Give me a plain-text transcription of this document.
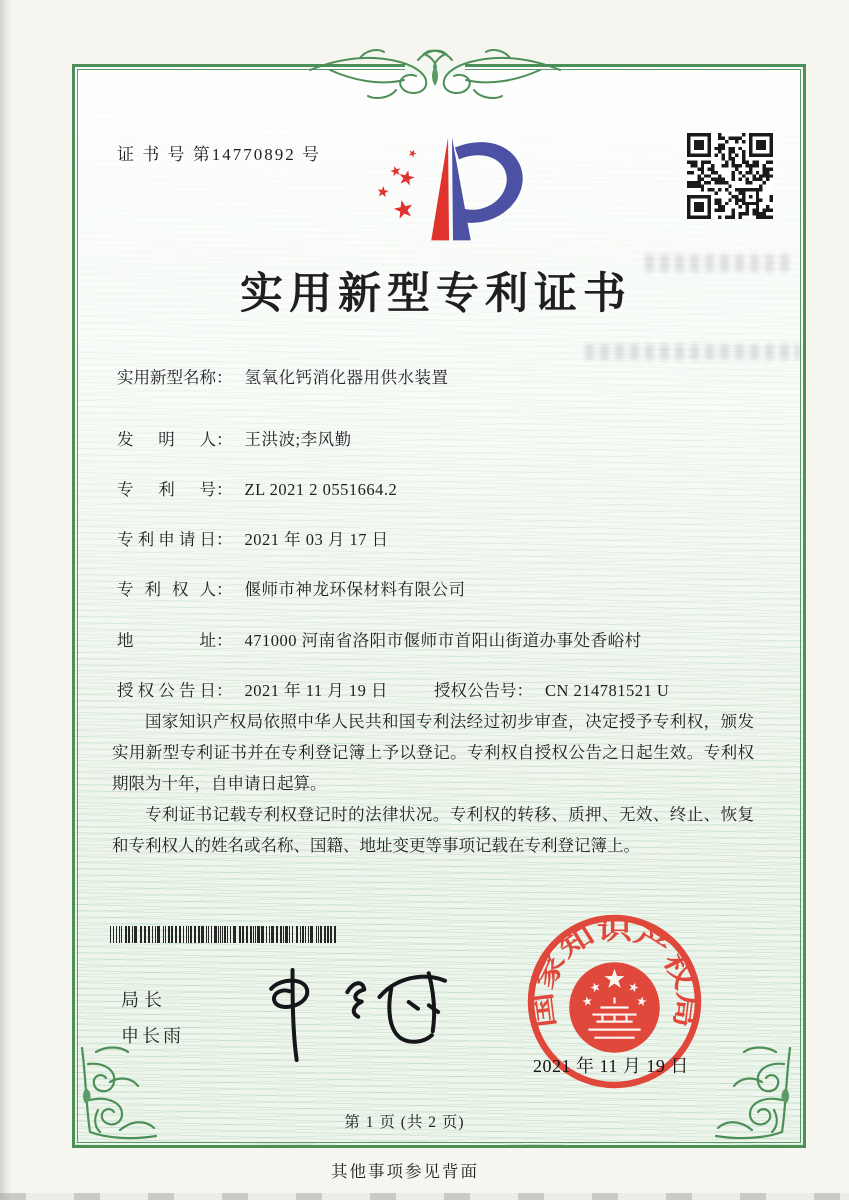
证 书 号 第14770892 号
实用新型专利证书
实用新型名称： 氢氧化钙消化器用供水装置
发明人： 王洪波;李风勤
专利号： ZL 2021 2 0551664.2
专利申请日： 2021 年 03 月 17 日
专利权人： 偃师市神龙环保材料有限公司
地址： 471000 河南省洛阳市偃师市首阳山街道办事处香峪村
授权公告日： 2021 年 11 月 19 日	授权公告号： CN 214781521 U

国家知识产权局依照中华人民共和国专利法经过初步审查，决定授予专利权，颁发实用新型专利证书并在专利登记簿上予以登记。专利权自授权公告之日起生效。专利权期限为十年，自申请日起算。

专利证书记载专利权登记时的法律状况。专利权的转移、质押、无效、终止、恢复和专利权人的姓名或名称、国籍、地址变更等事项记载在专利登记簿上。

局长
申长雨
国家知识产权局
2021 年 11 月 19 日
第 1 页 (共 2 页)
其他事项参见背面
